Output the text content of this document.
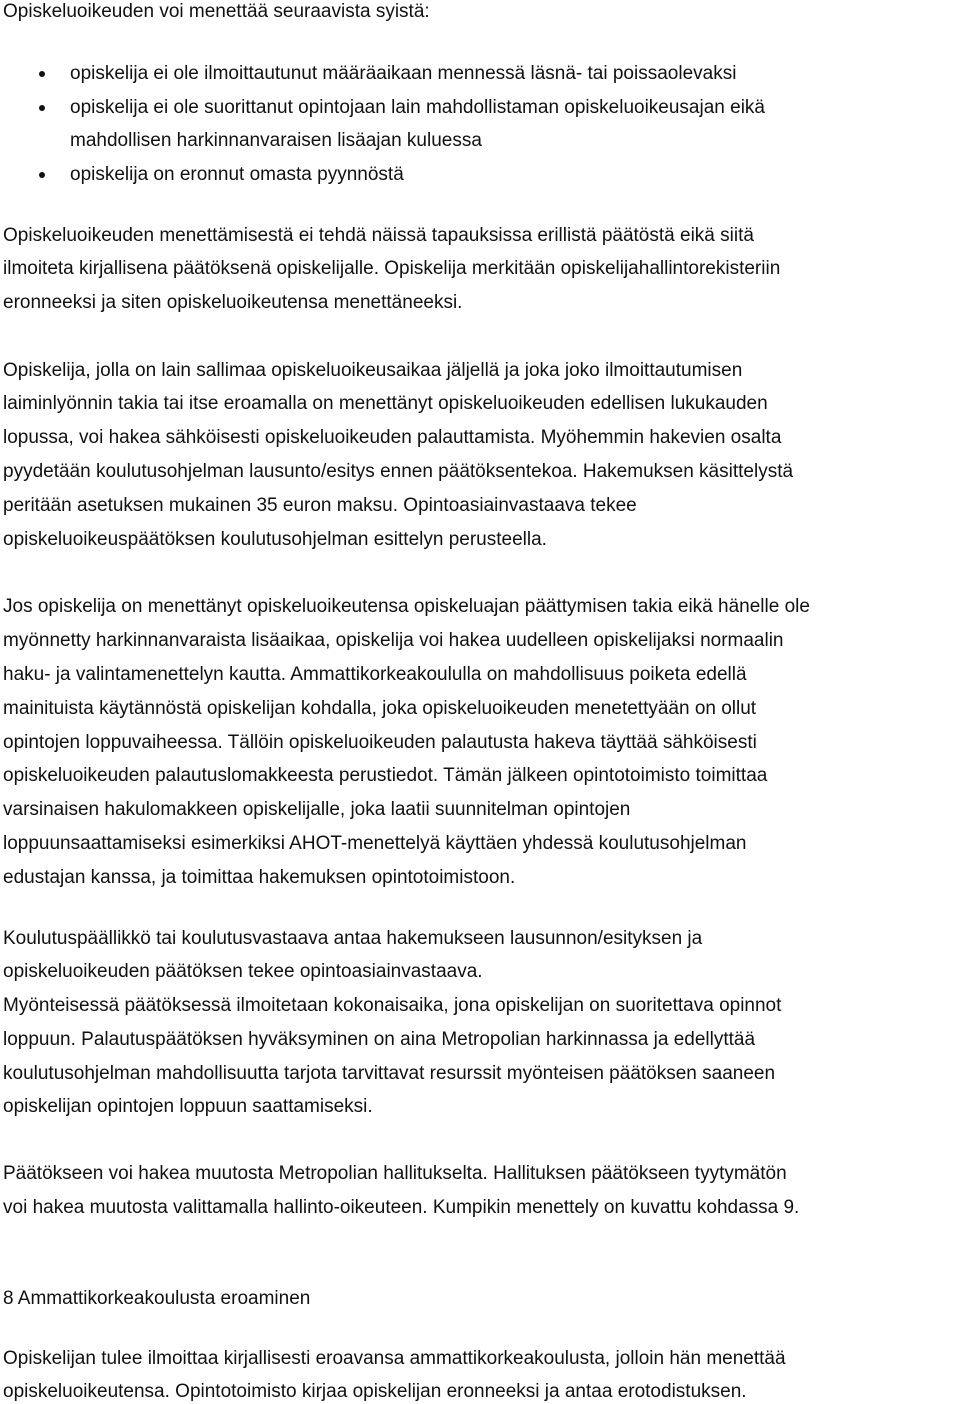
Opiskeluoikeuden voi menettää seuraavista syistä:
opiskelija ei ole ilmoittautunut määräaikaan mennessä läsnä- tai poissaolevaksi
opiskelija ei ole suorittanut opintojaan lain mahdollistaman opiskeluoikeusajan eikä
mahdollisen harkinnanvaraisen lisäajan kuluessa
opiskelija on eronnut omasta pyynnöstä
Opiskeluoikeuden menettämisestä ei tehdä näissä tapauksissa erillistä päätöstä eikä siitä
ilmoiteta kirjallisena päätöksenä opiskelijalle. Opiskelija merkitään opiskelijahallintorekisteriin
eronneeksi ja siten opiskeluoikeutensa menettäneeksi.
Opiskelija, jolla on lain sallimaa opiskeluoikeusaikaa jäljellä ja joka joko ilmoittautumisen
laiminlyönnin takia tai itse eroamalla on menettänyt opiskeluoikeuden edellisen lukukauden
lopussa, voi hakea sähköisesti opiskeluoikeuden palauttamista. Myöhemmin hakevien osalta
pyydetään koulutusohjelman lausunto/esitys ennen päätöksentekoa. Hakemuksen käsittelystä
peritään asetuksen mukainen 35 euron maksu. Opintoasiainvastaava tekee
opiskeluoikeuspäätöksen koulutusohjelman esittelyn perusteella.
Jos opiskelija on menettänyt opiskeluoikeutensa opiskeluajan päättymisen takia eikä hänelle ole
myönnetty harkinnanvaraista lisäaikaa, opiskelija voi hakea uudelleen opiskelijaksi normaalin
haku- ja valintamenettelyn kautta. Ammattikorkeakoululla on mahdollisuus poiketa edellä
mainituista käytännöstä opiskelijan kohdalla, joka opiskeluoikeuden menetettyään on ollut
opintojen loppuvaiheessa. Tällöin opiskeluoikeuden palautusta hakeva täyttää sähköisesti
opiskeluoikeuden palautuslomakkeesta perustiedot. Tämän jälkeen opintotoimisto toimittaa
varsinaisen hakulomakkeen opiskelijalle, joka laatii suunnitelman opintojen
loppuunsaattamiseksi esimerkiksi AHOT-menettelyä käyttäen yhdessä koulutusohjelman
edustajan kanssa, ja toimittaa hakemuksen opintotoimistoon.
Koulutuspäällikkö tai koulutusvastaava antaa hakemukseen lausunnon/esityksen ja
opiskeluoikeuden päätöksen tekee opintoasiainvastaava.
Myönteisessä päätöksessä ilmoitetaan kokonaisaika, jona opiskelijan on suoritettava opinnot
loppuun. Palautuspäätöksen hyväksyminen on aina Metropolian harkinnassa ja edellyttää
koulutusohjelman mahdollisuutta tarjota tarvittavat resurssit myönteisen päätöksen saaneen
opiskelijan opintojen loppuun saattamiseksi.
Päätökseen voi hakea muutosta Metropolian hallitukselta. Hallituksen päätökseen tyytymätön
voi hakea muutosta valittamalla hallinto-oikeuteen. Kumpikin menettely on kuvattu kohdassa 9.
8 Ammattikorkeakoulusta eroaminen
Opiskelijan tulee ilmoittaa kirjallisesti eroavansa ammattikorkeakoulusta, jolloin hän menettää
opiskeluoikeutensa. Opintotoimisto kirjaa opiskelijan eronneeksi ja antaa erotodistuksen.
